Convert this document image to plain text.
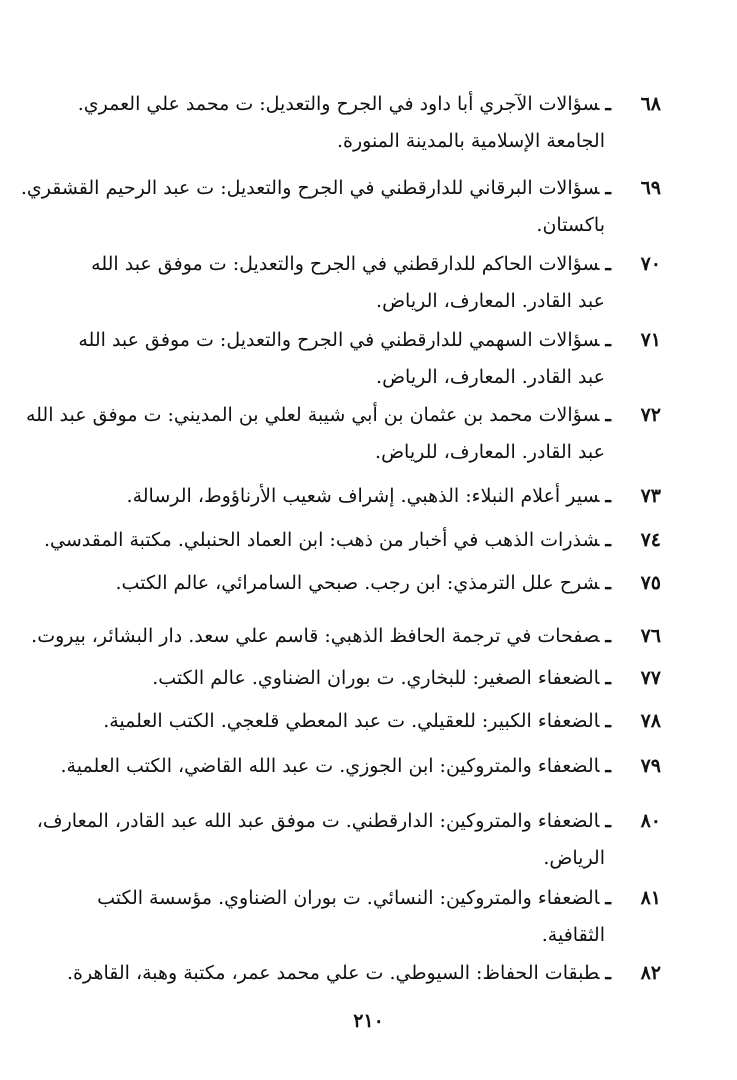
٦٨ـسؤالات الآجري أبا داود في الجرح والتعديل: ت محمد علي العمري.
الجامعة الإسلامية بالمدينة المنورة.
٦٩ـسؤالات البرقاني للدارقطني في الجرح والتعديل: ت عبد الرحيم القشقري.
باكستان.
٧٠ـسؤالات الحاكم للدارقطني في الجرح والتعديل: ت موفق عبد الله
عبد القادر. المعارف، الرياض.
٧١ـسؤالات السهمي للدارقطني في الجرح والتعديل: ت موفق عبد الله
عبد القادر. المعارف، الرياض.
٧٢ـسؤالات محمد بن عثمان بن أبي شيبة لعلي بن المديني: ت موفق عبد الله
عبد القادر. المعارف، للرياض.
٧٣ـسير أعلام النبلاء: الذهبي. إشراف شعيب الأرناؤوط، الرسالة.
٧٤ـشذرات الذهب في أخبار من ذهب: ابن العماد الحنبلي. مكتبة المقدسي.
٧٥ـشرح علل الترمذي: ابن رجب. صبحي السامرائي، عالم الكتب.
٧٦ـصفحات في ترجمة الحافظ الذهبي: قاسم علي سعد. دار البشائر، بيروت.
٧٧ـالضعفاء الصغير: للبخاري. ت بوران الضناوي. عالم الكتب.
٧٨ـالضعفاء الكبير: للعقيلي. ت عبد المعطي قلعجي. الكتب العلمية.
٧٩ـالضعفاء والمتروكين: ابن الجوزي. ت عبد الله القاضي، الكتب العلمية.
٨٠ـالضعفاء والمتروكين: الدارقطني. ت موفق عبد الله عبد القادر، المعارف،
الرياض.
٨١ـالضعفاء والمتروكين: النسائي. ت بوران الضناوي. مؤسسة الكتب
الثقافية.
٨٢ـطبقات الحفاظ: السيوطي. ت علي محمد عمر، مكتبة وهبة، القاهرة.
٢١٠
